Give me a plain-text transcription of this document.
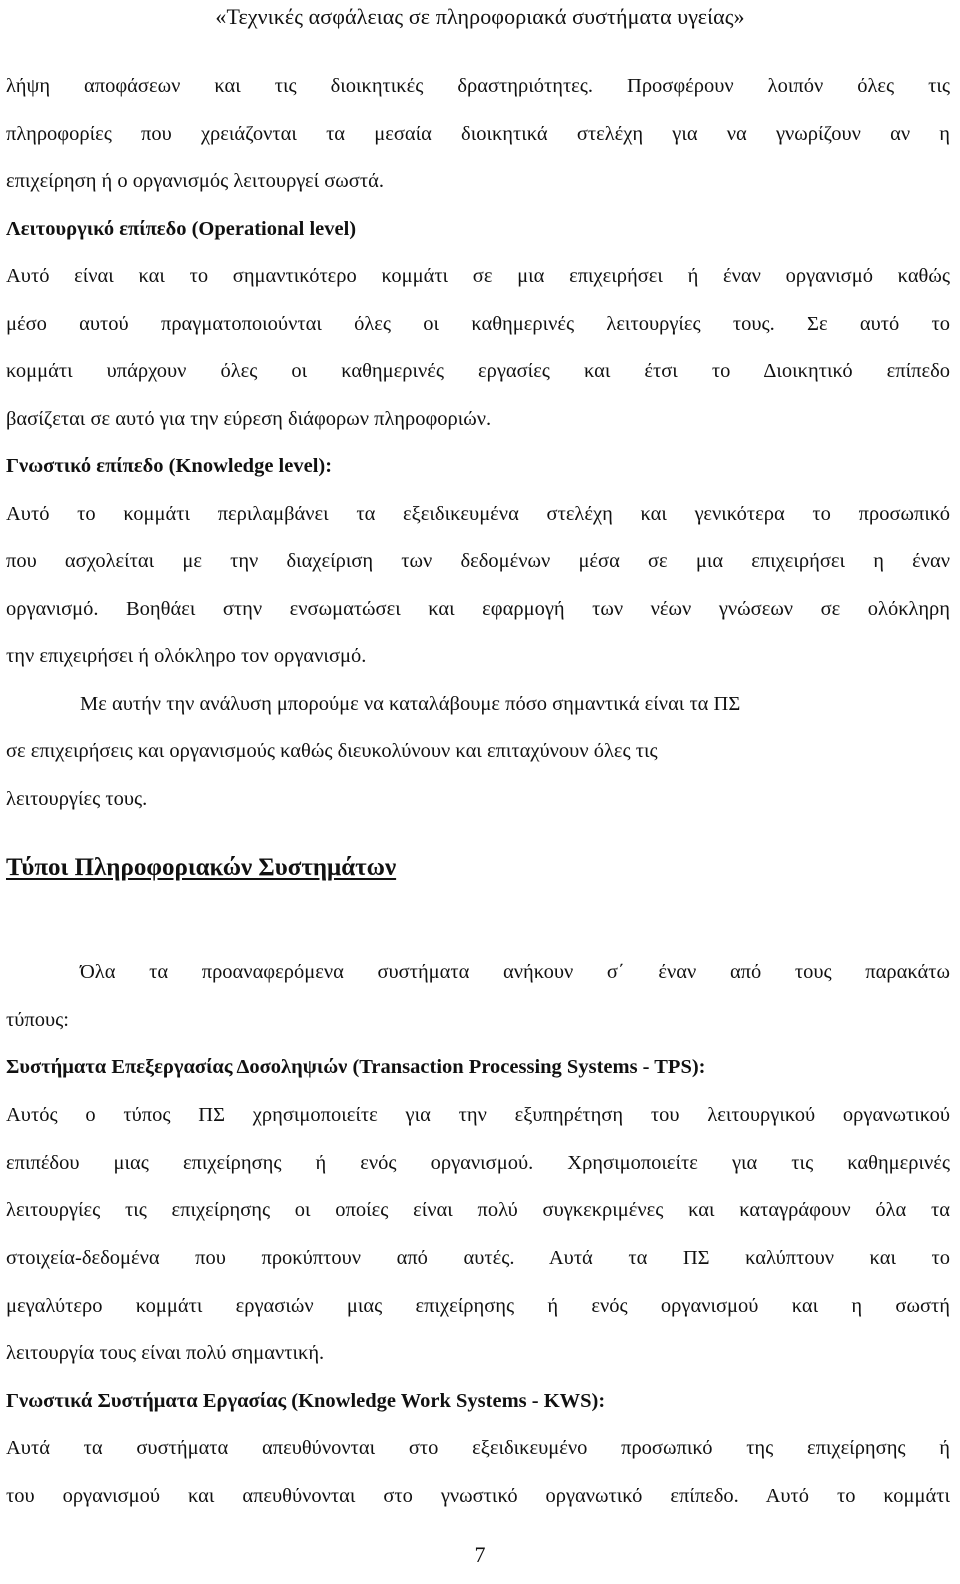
«Τεχνικές ασφάλειας σε πληροφοριακά συστήματα υγείας»
λήψη αποφάσεων και τις διοικητικές δραστηριότητες. Προσφέρουν λοιπόν όλες τις
πληροφορίες που χρειάζονται τα μεσαία διοικητικά στελέχη για να γνωρίζουν αν η
επιχείρηση ή ο οργανισμός λειτουργεί σωστά.
Λειτουργικό επίπεδο (Operational level)
Αυτό είναι και το σημαντικότερο κομμάτι σε μια επιχειρήσει ή έναν οργανισμό καθώς
μέσο αυτού πραγματοποιούνται όλες οι καθημερινές λειτουργίες τους. Σε αυτό το
κομμάτι υπάρχουν όλες οι καθημερινές εργασίες και έτσι το Διοικητικό επίπεδο
βασίζεται σε αυτό για την εύρεση διάφορων πληροφοριών.
Γνωστικό επίπεδο (Knowledge level):
Αυτό το κομμάτι περιλαμβάνει τα εξειδικευμένα στελέχη και γενικότερα το προσωπικό
που ασχολείται με την διαχείριση των δεδομένων μέσα σε μια επιχειρήσει η έναν
οργανισμό. Βοηθάει στην ενσωματώσει και εφαρμογή των νέων γνώσεων σε ολόκληρη
την επιχειρήσει ή ολόκληρο τον οργανισμό.
Με αυτήν την ανάλυση μπορούμε να καταλάβουμε πόσο σημαντικά είναι τα ΠΣ
σε επιχειρήσεις και οργανισμούς καθώς διευκολύνουν και επιταχύνουν όλες τις
λειτουργίες τους.
Τύποι Πληροφοριακών Συστημάτων
Όλα τα προαναφερόμενα συστήματα ανήκουν σ΄ έναν από τους παρακάτω
τύπους:
Συστήματα Επεξεργασίας Δοσοληψιών (Transaction Processing Systems - TPS):
Αυτός ο τύπος ΠΣ χρησιμοποιείτε για την εξυπηρέτηση του λειτουργικού οργανωτικού
επιπέδου μιας επιχείρησης ή ενός οργανισμού. Χρησιμοποιείτε για τις καθημερινές
λειτουργίες τις επιχείρησης οι οποίες είναι πολύ συγκεκριμένες και καταγράφουν όλα τα
στοιχεία-δεδομένα που προκύπτουν από αυτές. Αυτά τα ΠΣ καλύπτουν και το
μεγαλύτερο κομμάτι εργασιών μιας επιχείρησης ή ενός οργανισμού και η σωστή
λειτουργία τους είναι πολύ σημαντική.
Γνωστικά Συστήματα Εργασίας (Knowledge Work Systems - KWS):
Αυτά τα συστήματα απευθύνονται στο εξειδικευμένο προσωπικό της επιχείρησης ή
του οργανισμού και απευθύνονται στο γνωστικό οργανωτικό επίπεδο. Αυτό το κομμάτι
7
